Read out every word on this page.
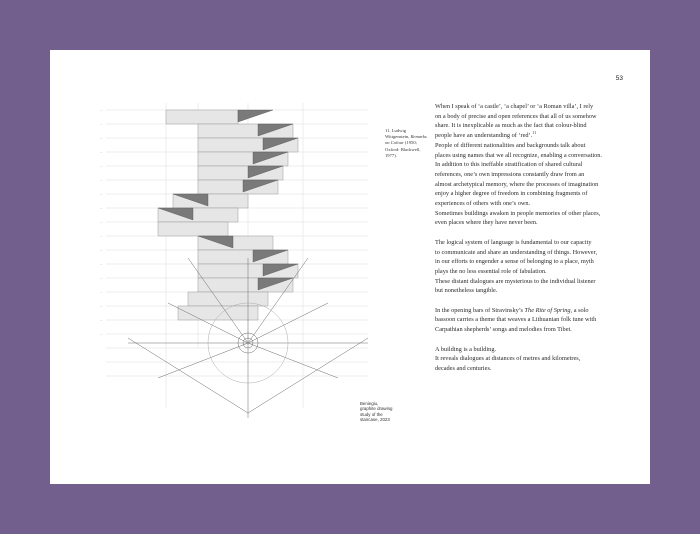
53
—
—
—
—
—
—
—
—
—
—
—
—
—
—
—
—
—
11. Ludwig Wittgenstein, Remarks on Colour (1950; Oxford: Blackwell, 1977).
Beniegiu,
graphite drawing
study of the
staircase, 2023

When I speak of ‘a castle’, ‘a chapel’ or ‘a Roman villa’, I rely
on a body of precise and open references that all of us somehow
share. It is inexplicable as much as the fact that colour-blind
people have an understanding of ‘red’.$^{11}$
People of different nationalities and backgrounds talk about
places using names that we all recognize, enabling a conversation.
In addition to this ineffable stratification of shared cultural
references, one’s own impressions constantly draw from an
almost archetypical memory, where the processes of imagination
enjoy a higher degree of freedom in combining fragments of
experiences of others with one’s own.
Sometimes buildings awaken in people memories of other places,
even places where they have never been.

The logical system of language is fundamental to our capacity
to communicate and share an understanding of things. However,
in our efforts to engender a sense of belonging to a place, myth
plays the no less essential role of fabulation.
These distant dialogues are mysterious to the individual listener
but nonetheless tangible.

In the opening bars of Stravinsky’s The Rite of Spring, a solo
bassoon carries a theme that weaves a Lithuanian folk tune with
Carpathian shepherds’ songs and melodies from Tibet.

A building is a building.
It reveals dialogues at distances of metres and kilometres,
decades and centuries.
